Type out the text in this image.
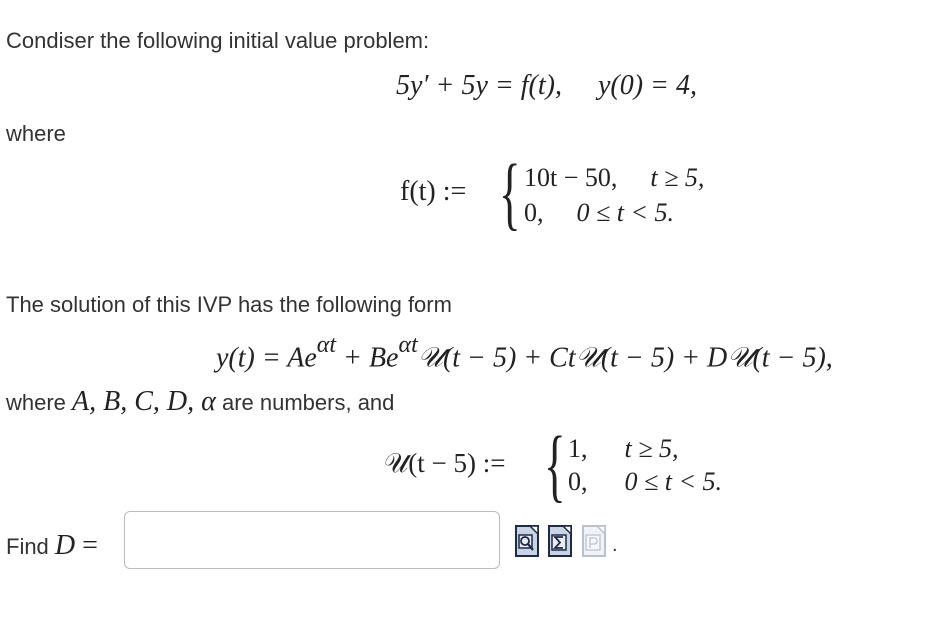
Condiser the following initial value problem:
5y′ + 5y = f(t), y(0) = 4,
where
f(t) := { 10t − 50, t ≥ 5,
0, 0 ≤ t < 5.
The solution of this IVP has the following form
$y(t) = Ae^{\alpha t}$ + $Be^{\alpha t}𝒰(t - 5)$ + Ct𝒰(t − 5) + D𝒰(t − 5),
where A, B, C, D, α are numbers, and
𝒰(t − 5) := { 1, t ≥ 5,
0, 0 ≤ t < 5.
Find D =	.
